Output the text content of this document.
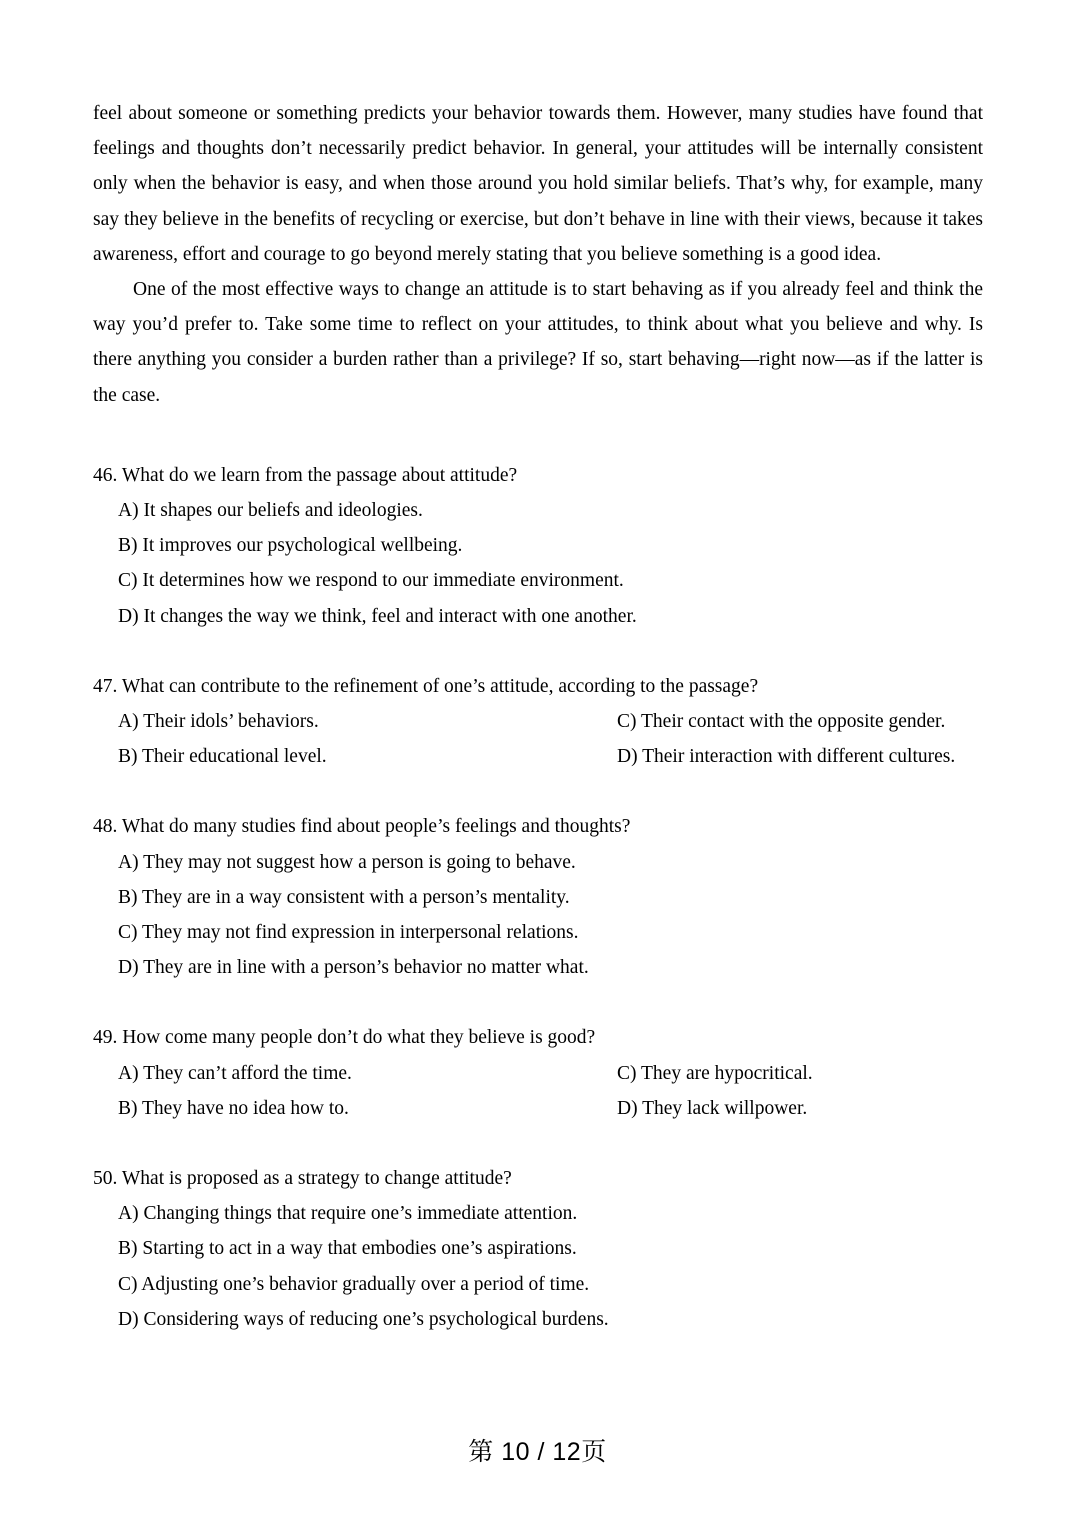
feel about someone or something predicts your behavior towards them. However, many studies have found that feelings and thoughts don’t necessarily predict behavior. In general, your attitudes will be internally consistent only when the behavior is easy, and when those around you hold similar beliefs. That’s why, for example, many say they believe in the benefits of recycling or exercise, but don’t behave in line with their views, because it takes awareness, effort and courage to go beyond merely stating that you believe something is a good idea.

One of the most effective ways to change an attitude is to start behaving as if you already feel and think the way you’d prefer to. Take some time to reflect on your attitudes, to think about what you believe and why. Is there anything you consider a burden rather than a privilege? If so, start behaving—right now—as if the latter is the case.

46. What do we learn from the passage about attitude?

A) It shapes our beliefs and ideologies.
B) It improves our psychological wellbeing.
C) It determines how we respond to our immediate environment.
D) It changes the way we think, feel and interact with one another.

47. What can contribute to the refinement of one’s attitude, according to the passage?

A) Their idols’ behaviors.	C) Their contact with the opposite gender.
B) Their educational level.	D) Their interaction with different cultures.

48. What do many studies find about people’s feelings and thoughts?

A) They may not suggest how a person is going to behave.
B) They are in a way consistent with a person’s mentality.
C) They may not find expression in interpersonal relations.
D) They are in line with a person’s behavior no matter what.

49. How come many people don’t do what they believe is good?

A) They can’t afford the time.	C) They are hypocritical.
B) They have no idea how to.	D) They lack willpower.

50. What is proposed as a strategy to change attitude?

A) Changing things that require one’s immediate attention.
B) Starting to act in a way that embodies one’s aspirations.
C) Adjusting one’s behavior gradually over a period of time.
D) Considering ways of reducing one’s psychological burdens.
第 10 / 12页
